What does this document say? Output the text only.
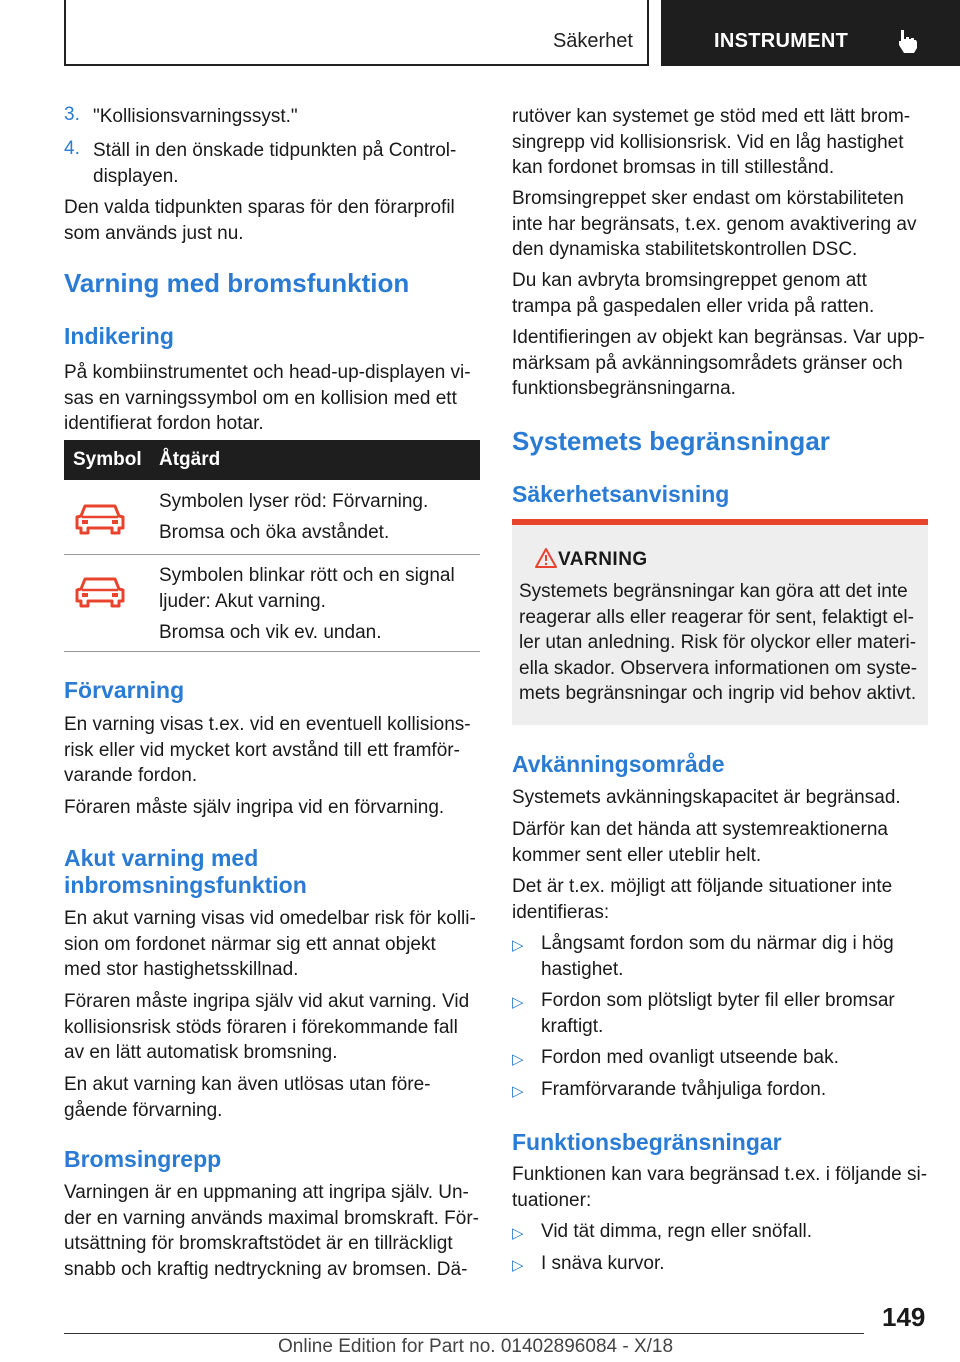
Säkerhet	INSTRUMENT
3. "Kollisionsvarningssyst."
4. Ställ in den önskade tidpunkten på Control-
displayen.

Den valda tidpunkten sparas för den förarprofil
som används just nu.

Varning med bromsfunktion
Indikering

På kombiinstrumentet och head-up-displayen vi-
sas en varningssymbol om en kollision med ett
identifierat fordon hotar.

Symbol Åtgärd
Symbolen lyser röd: Förvarning.
Bromsa och öka avståndet.
Symbolen blinkar rött och en signal
ljuder: Akut varning.
Bromsa och vik ev. undan.
Förvarning

En varning visas t.ex. vid en eventuell kollisions-
risk eller vid mycket kort avstånd till ett framför-
varande fordon.

Föraren måste själv ingripa vid en förvarning.

Akut varning med
inbromsningsfunktion

En akut varning visas vid omedelbar risk för kolli-
sion om fordonet närmar sig ett annat objekt
med stor hastighetsskillnad.

Föraren måste ingripa själv vid akut varning. Vid
kollisionsrisk stöds föraren i förekommande fall
av en lätt automatisk bromsning.

En akut varning kan även utlösas utan före-
gående förvarning.

Bromsingrepp

Varningen är en uppmaning att ingripa själv. Un-
der en varning används maximal bromskraft. För-
utsättning för bromskraftstödet är en tillräckligt
snabb och kraftig nedtryckning av bromsen. Dä-

rutöver kan systemet ge stöd med ett lätt brom-
singrepp vid kollisionsrisk. Vid en låg hastighet
kan fordonet bromsas in till stillestånd.

Bromsingreppet sker endast om körstabiliteten
inte har begränsats, t.ex. genom avaktivering av
den dynamiska stabilitetskontrollen DSC.

Du kan avbryta bromsingreppet genom att
trampa på gaspedalen eller vrida på ratten.

Identifieringen av objekt kan begränsas. Var upp-
märksam på avkänningsområdets gränser och
funktionsbegränsningarna.

Systemets begränsningar
Säkerhetsanvisning
VARNING

Systemets begränsningar kan göra att det inte
reagerar alls eller reagerar för sent, felaktigt el-
ler utan anledning. Risk för olyckor eller materi-
ella skador. Observera informationen om syste-
mets begränsningar och ingrip vid behov aktivt.

Avkänningsområde

Systemets avkänningskapacitet är begränsad.

Därför kan det hända att systemreaktionerna
kommer sent eller uteblir helt.

Det är t.ex. möjligt att följande situationer inte
identifieras:

▷ Långsamt fordon som du närmar dig i hög
hastighet.
▷ Fordon som plötsligt byter fil eller bromsar
kraftigt.
▷ Fordon med ovanligt utseende bak.
▷ Framförvarande tvåhjuliga fordon.
Funktionsbegränsningar

Funktionen kan vara begränsad t.ex. i följande si-
tuationer:

▷ Vid tät dimma, regn eller snöfall.
▷ I snäva kurvor.
149
Online Edition for Part no. 01402896084 - X/18
